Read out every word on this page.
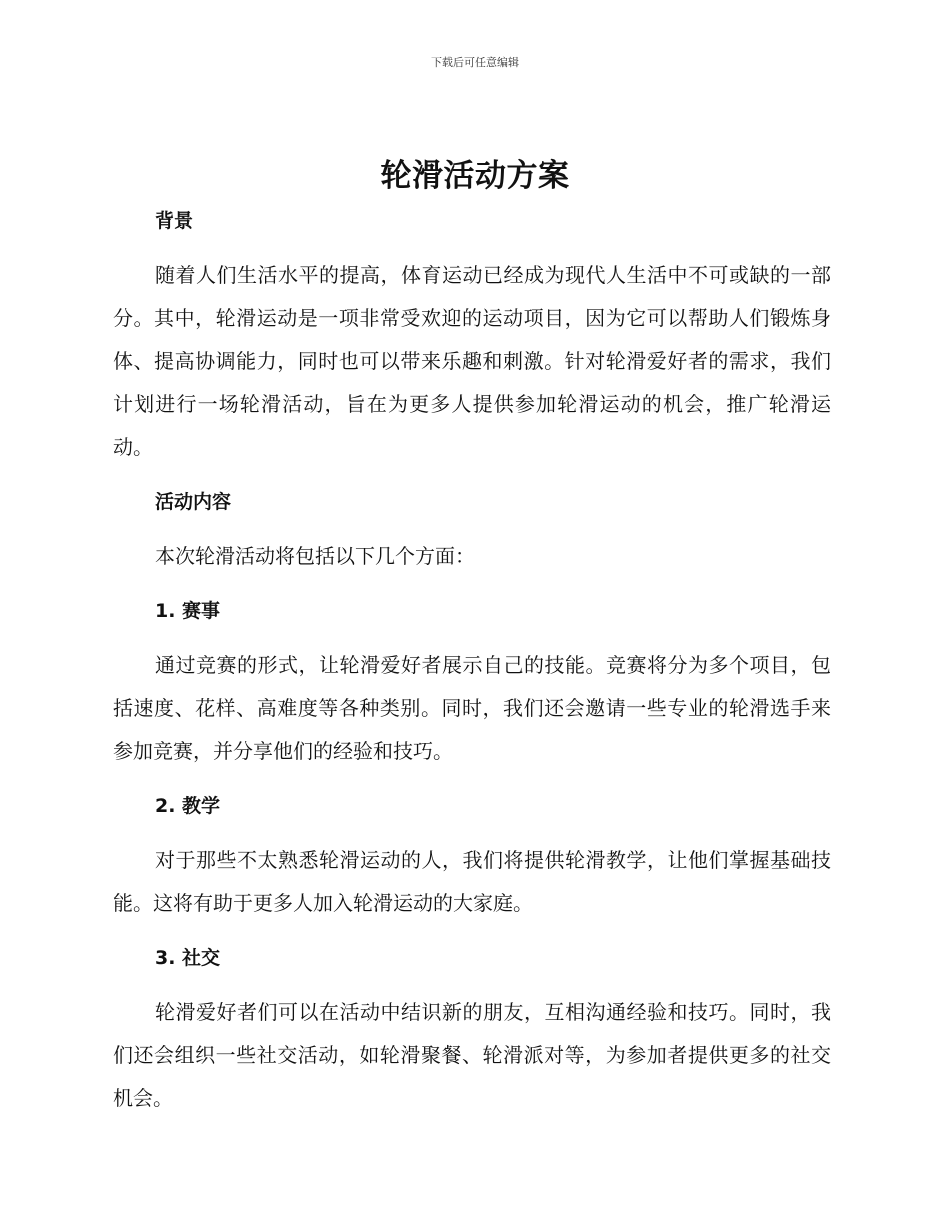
下载后可任意编辑
轮滑活动方案
背景

随着人们生活水平的提高，体育运动已经成为现代人生活中不可或缺的一部分。其中，轮滑运动是一项非常受欢迎的运动项目，因为它可以帮助人们锻炼身体、提高协调能力，同时也可以带来乐趣和刺激。针对轮滑爱好者的需求，我们计划进行一场轮滑活动，旨在为更多人提供参加轮滑运动的机会，推广轮滑运动。

活动内容

本次轮滑活动将包括以下几个方面：

1. 赛事

通过竞赛的形式，让轮滑爱好者展示自己的技能。竞赛将分为多个项目，包括速度、花样、高难度等各种类别。同时，我们还会邀请一些专业的轮滑选手来参加竞赛，并分享他们的经验和技巧。

2. 教学

对于那些不太熟悉轮滑运动的人，我们将提供轮滑教学，让他们掌握基础技能。这将有助于更多人加入轮滑运动的大家庭。

3. 社交

轮滑爱好者们可以在活动中结识新的朋友，互相沟通经验和技巧。同时，我们还会组织一些社交活动，如轮滑聚餐、轮滑派对等，为参加者提供更多的社交机会。
